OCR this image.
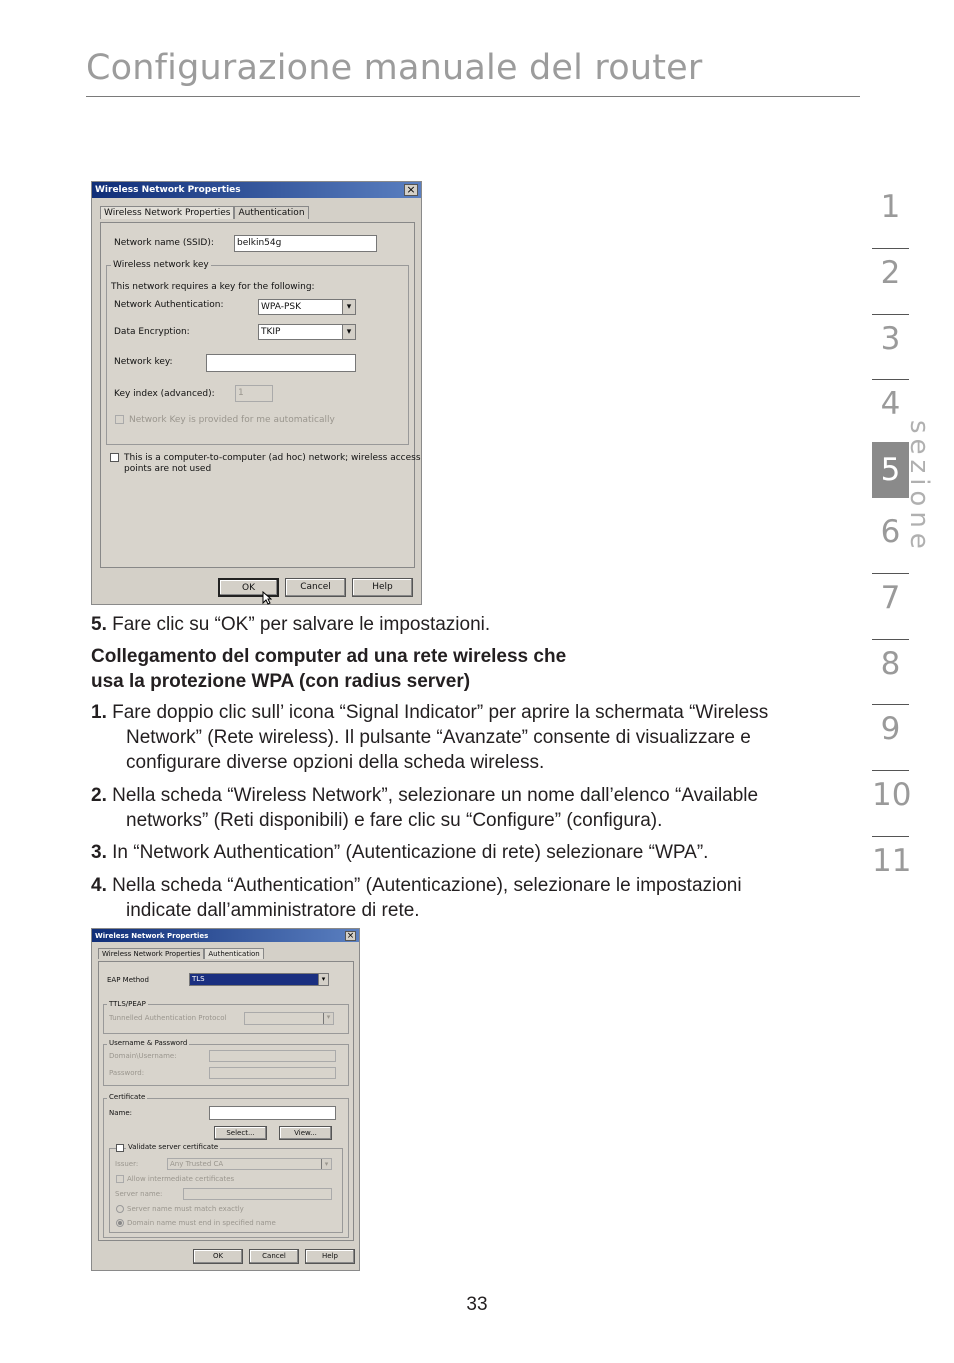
Configurazione manuale del router
1
2
3
4
5
6
7
8
9
10
11
sezione
Wireless Network Properties	×
Wireless Network Properties Authentication
Network name (SSID):	belkin54g
Wireless network key
This network requires a key for the following:
Network Authentication:	WPA-PSK	▾
Data Encryption:	TKIP	▾
Network key:
Key index (advanced):	1
Network Key is provided for me automatically
This is a computer-to-computer (ad hoc) network; wireless access
points are not used
OK	Cancel	Help
5. Fare clic su “OK” per salvare le impostazioni.
Collegamento del computer ad una rete wireless che
usa la protezione WPA (con radius server)
1. Fare doppio clic sull’ icona “Signal Indicator” per aprire la schermata “Wireless
Network” (Rete wireless). Il pulsante “Avanzate” consente di visualizzare e
configurare diverse opzioni della scheda wireless.
2. Nella scheda “Wireless Network”, selezionare un nome dall’elenco “Available
networks” (Reti disponibili) e fare clic su “Configure” (configura).
3. In “Network Authentication” (Autenticazione di rete) selezionare “WPA”.
4. Nella scheda “Authentication” (Autenticazione), selezionare le impostazioni
indicate dall’amministratore di rete.
Wireless Network Properties	×
Wireless Network Properties	Authentication
EAP Method	TLS	▾
TTLS/PEAP
Tunnelled Authentication Protocol	▾
Username & Password
Domain\Username:
Password:
Certificate
Name:
Select...	View...
Validate server certificate
Issuer:	Any Trusted CA	▾
Allow intermediate certificates
Server name:
Server name must match exactly
Domain name must end in specified name
OK	Cancel	Help
33
